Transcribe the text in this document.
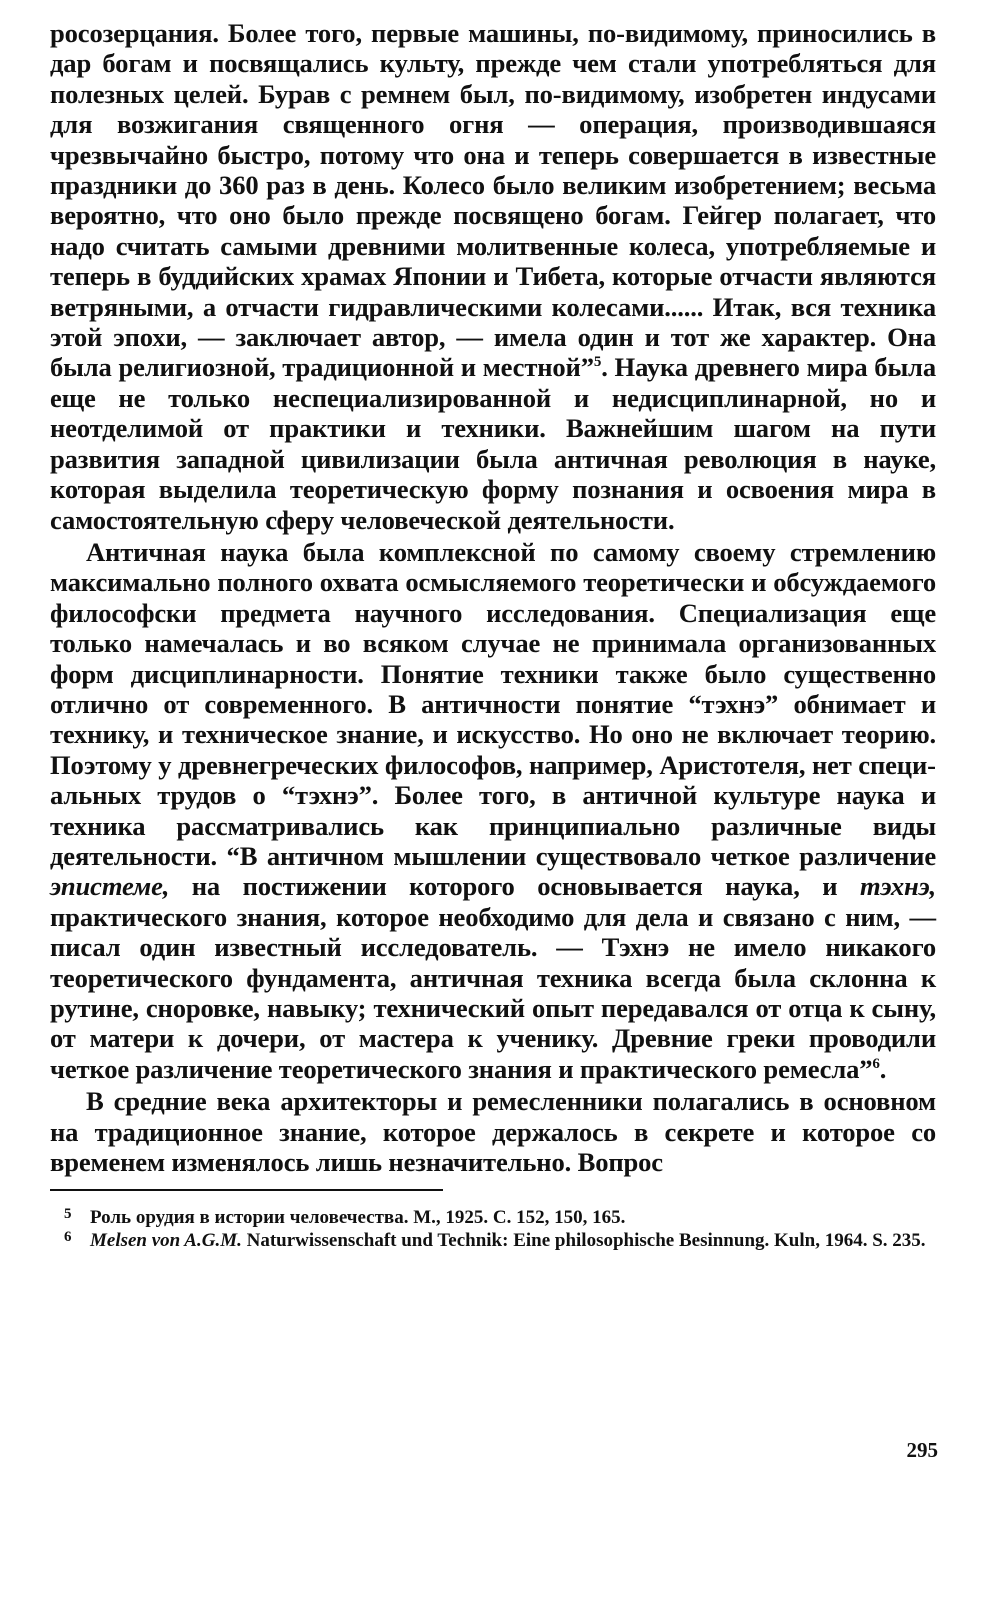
росозерцания. Более того, первые машины, по-видимому, приносились в дар богам и посвящались культу, прежде чем стали употребляться для полезных целей. Бурав с ремнем был, по-видимому, изобретен индусами для возжигания священного огня — операция, производившаяся чрезвычайно быстро, потому что она и теперь совершается в известные праздники до 360 раз в день. Колесо было великим изобретением; весьма вероятно, что оно было прежде посвящено богам. Гейгер полагает, что надо считать самыми древними молитвенные колеса, употребляемые и теперь в буддийских храмах Японии и Тибета, которые отчасти являются ветряными, а отчасти гидравлическими колесами...... Итак, вся техника этой эпохи, — заключает автор, — имела один и тот же характер. Она была религиозной, традиционной и местной”$^5$. Наука древнего мира была еще не только неспециализированной и недисциплинарной, но и неотделимой от практики и техники. Важнейшим шагом на пути развития западной цивилизации была античная революция в науке, которая выделила теоретическую форму познания и освоения мира в самостоятельную сферу человеческой деятельности.

Античная наука была комплексной по самому своему стремлению максимально полного охвата осмысляемого теоретически и обсуждаемого философски предмета научного исследования. Специализация еще только намечалась и во всяком случае не принимала организованных форм дисциплинарности. Понятие техники также было существенно отлично от современного. В античности понятие “тэхнэ” обнимает и технику, и техническое знание, и искусство. Но оно не включает теорию. Поэтому у древнегреческих философов, например, Аристотеля, нет специальных трудов о “тэхнэ”. Более того, в античной культуре наука и техника рассматривались как принципиально различные виды деятельности. “В античном мышлении существовало четкое различение эпистеме, на постижении которого основывается наука, и тэхнэ, практического знания, которое необходимо для дела и связано с ним, — писал один известный исследователь. — Тэхнэ не имело никакого теоретического фундамента, античная техника всегда была склонна к рутине, сноровке, навыку; технический опыт передавался от отца к сыну, от матери к дочери, от мастера к ученику. Древние греки проводили четкое различение теоретического знания и практического ремесла”$^6$.

В средние века архитекторы и ремесленники полагались в основном на традиционное знание, которое держалось в секрете и которое со временем изменялось лишь незначительно. Вопрос

5 Роль орудия в истории человечества. М., 1925. С. 152, 150, 165.
6 Melsen von A.G.M. Naturwissenschaft und Technik: Eine philosophische Besinnung. Kuln, 1964. S. 235.
295
